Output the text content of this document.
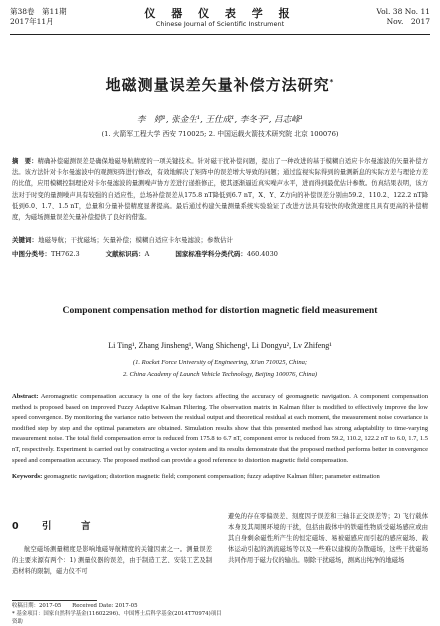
第38卷　第11期
2017年11月
仪 器 仪 表 学 报
Chinese Journal of Scientific Instrument
Vol. 38 No. 11
Nov.　2017
地磁测量误差矢量补偿方法研究*
李　婷¹, 张金生¹, 王仕成¹, 李冬予², 吕志峰¹
(1. 火箭军工程大学 西安 710025; 2. 中国运载火箭技术研究院 北京 100076)
摘　要：精确补偿磁测误差是确保地磁导航精度的一项关键技术。针对磁干扰补偿问题，提出了一种改进的基于模糊自适应卡尔曼滤波的矢量补偿方法。该方法针对卡尔曼滤波中的观测矩阵进行修改，有效地解决了矩阵中的误差增大导致的问题；通过监视实际得到的量测新息的实际方差与理论方差的比值，应用模糊控制理论对卡尔曼滤波的量测噪声协方差进行递推修正，使其逐渐逼近真实噪声水平，进而得到最优估计参数。仿真结果表明，该方法对于时变的量测噪声具有较强的自适应性，总场补偿误差从175.8 nT降低到6.7 nT，X、Y、Z方向的补偿误差分别由59.2、110.2、122.2 nT降低到6.0、1.7、1.5 nT，总量和分量补偿精度显著提高。最后通过构建矢量测量系统实验验证了改进方法具有较快的收敛速度且具有更高的补偿精度，为磁场测量误差矢量补偿提供了良好的借鉴。
关键词：地磁导航；干扰磁场；矢量补偿；模糊自适应卡尔曼滤波；参数估计
中图分类号：TH762.3	文献标识码：A	国家标准学科分类代码：460.4030
Component compensation method for distortion magnetic field measurement
Li Ting¹, Zhang Jinsheng¹, Wang Shicheng¹, Li Dongyu², Lv Zhifeng¹
(1. Rocket Force University of Engineering, Xi'an 710025, China;
2. China Academy of Launch Vehicle Technology, Beijing 100076, China)
Abstract: Aeromagnetic compensation accuracy is one of the key factors affecting the accuracy of geomagnetic navigation. A component compensation method is proposed based on improved Fuzzy Adaptive Kalman Filtering. The observation matrix in Kalman filter is modified to effectively improve the low speed convergence. By monitoring the variance ratio between the residual output and theoretical residual at each moment, the measurement noise covariance is modified step by step and the optimal parameters are obtained. Simulation results show that this presented method has strong adaptability to time-varying measurement noise. The total field compensation error is reduced from 175.8 to 6.7 nT, component error is reduced from 59.2, 110.2, 122.2 nT to 6.0, 1.7, 1.5 nT, respectively. Experiment is carried out by constructing a vector system and its results demonstrate that the proposed method performs better in convergence speed and compensation accuracy. The proposed method can provide a good reference to distortion magnetic field compensation.
Keywords: geomagnetic navigation; distortion magnetic field; component compensation; fuzzy adaptive Kalman filter; parameter estimation
0 引　言
航空磁场测量精度是影响地磁导航精度的关键因素之一。测量误差的主要来源有两个：1) 测量仪器的误差，由于制造工艺、安装工艺及制造材料的限制，磁力仪不可
避免的存在零偏误差、刻度因子误差和三轴非正交误差等；2) 飞行载体本身及其周围环境的干扰，包括由载体中的铁磁性物质受磁场感应或由其自身剩余磁性所产生的恒定磁场、易被磁感应而引起的感应磁场、载体运动引起的涡流磁场等以及一些难以建模的杂散磁场，这些干扰磁场共同作用于磁力仪的输出。剔除干扰磁场，测离出纯净的地磁场
收稿日期：2017-05　　Received Date: 2017-05
* 基金项目：国家自然科学基金(11602296)、中国博士后科学基金(2014T70974)项目资助
